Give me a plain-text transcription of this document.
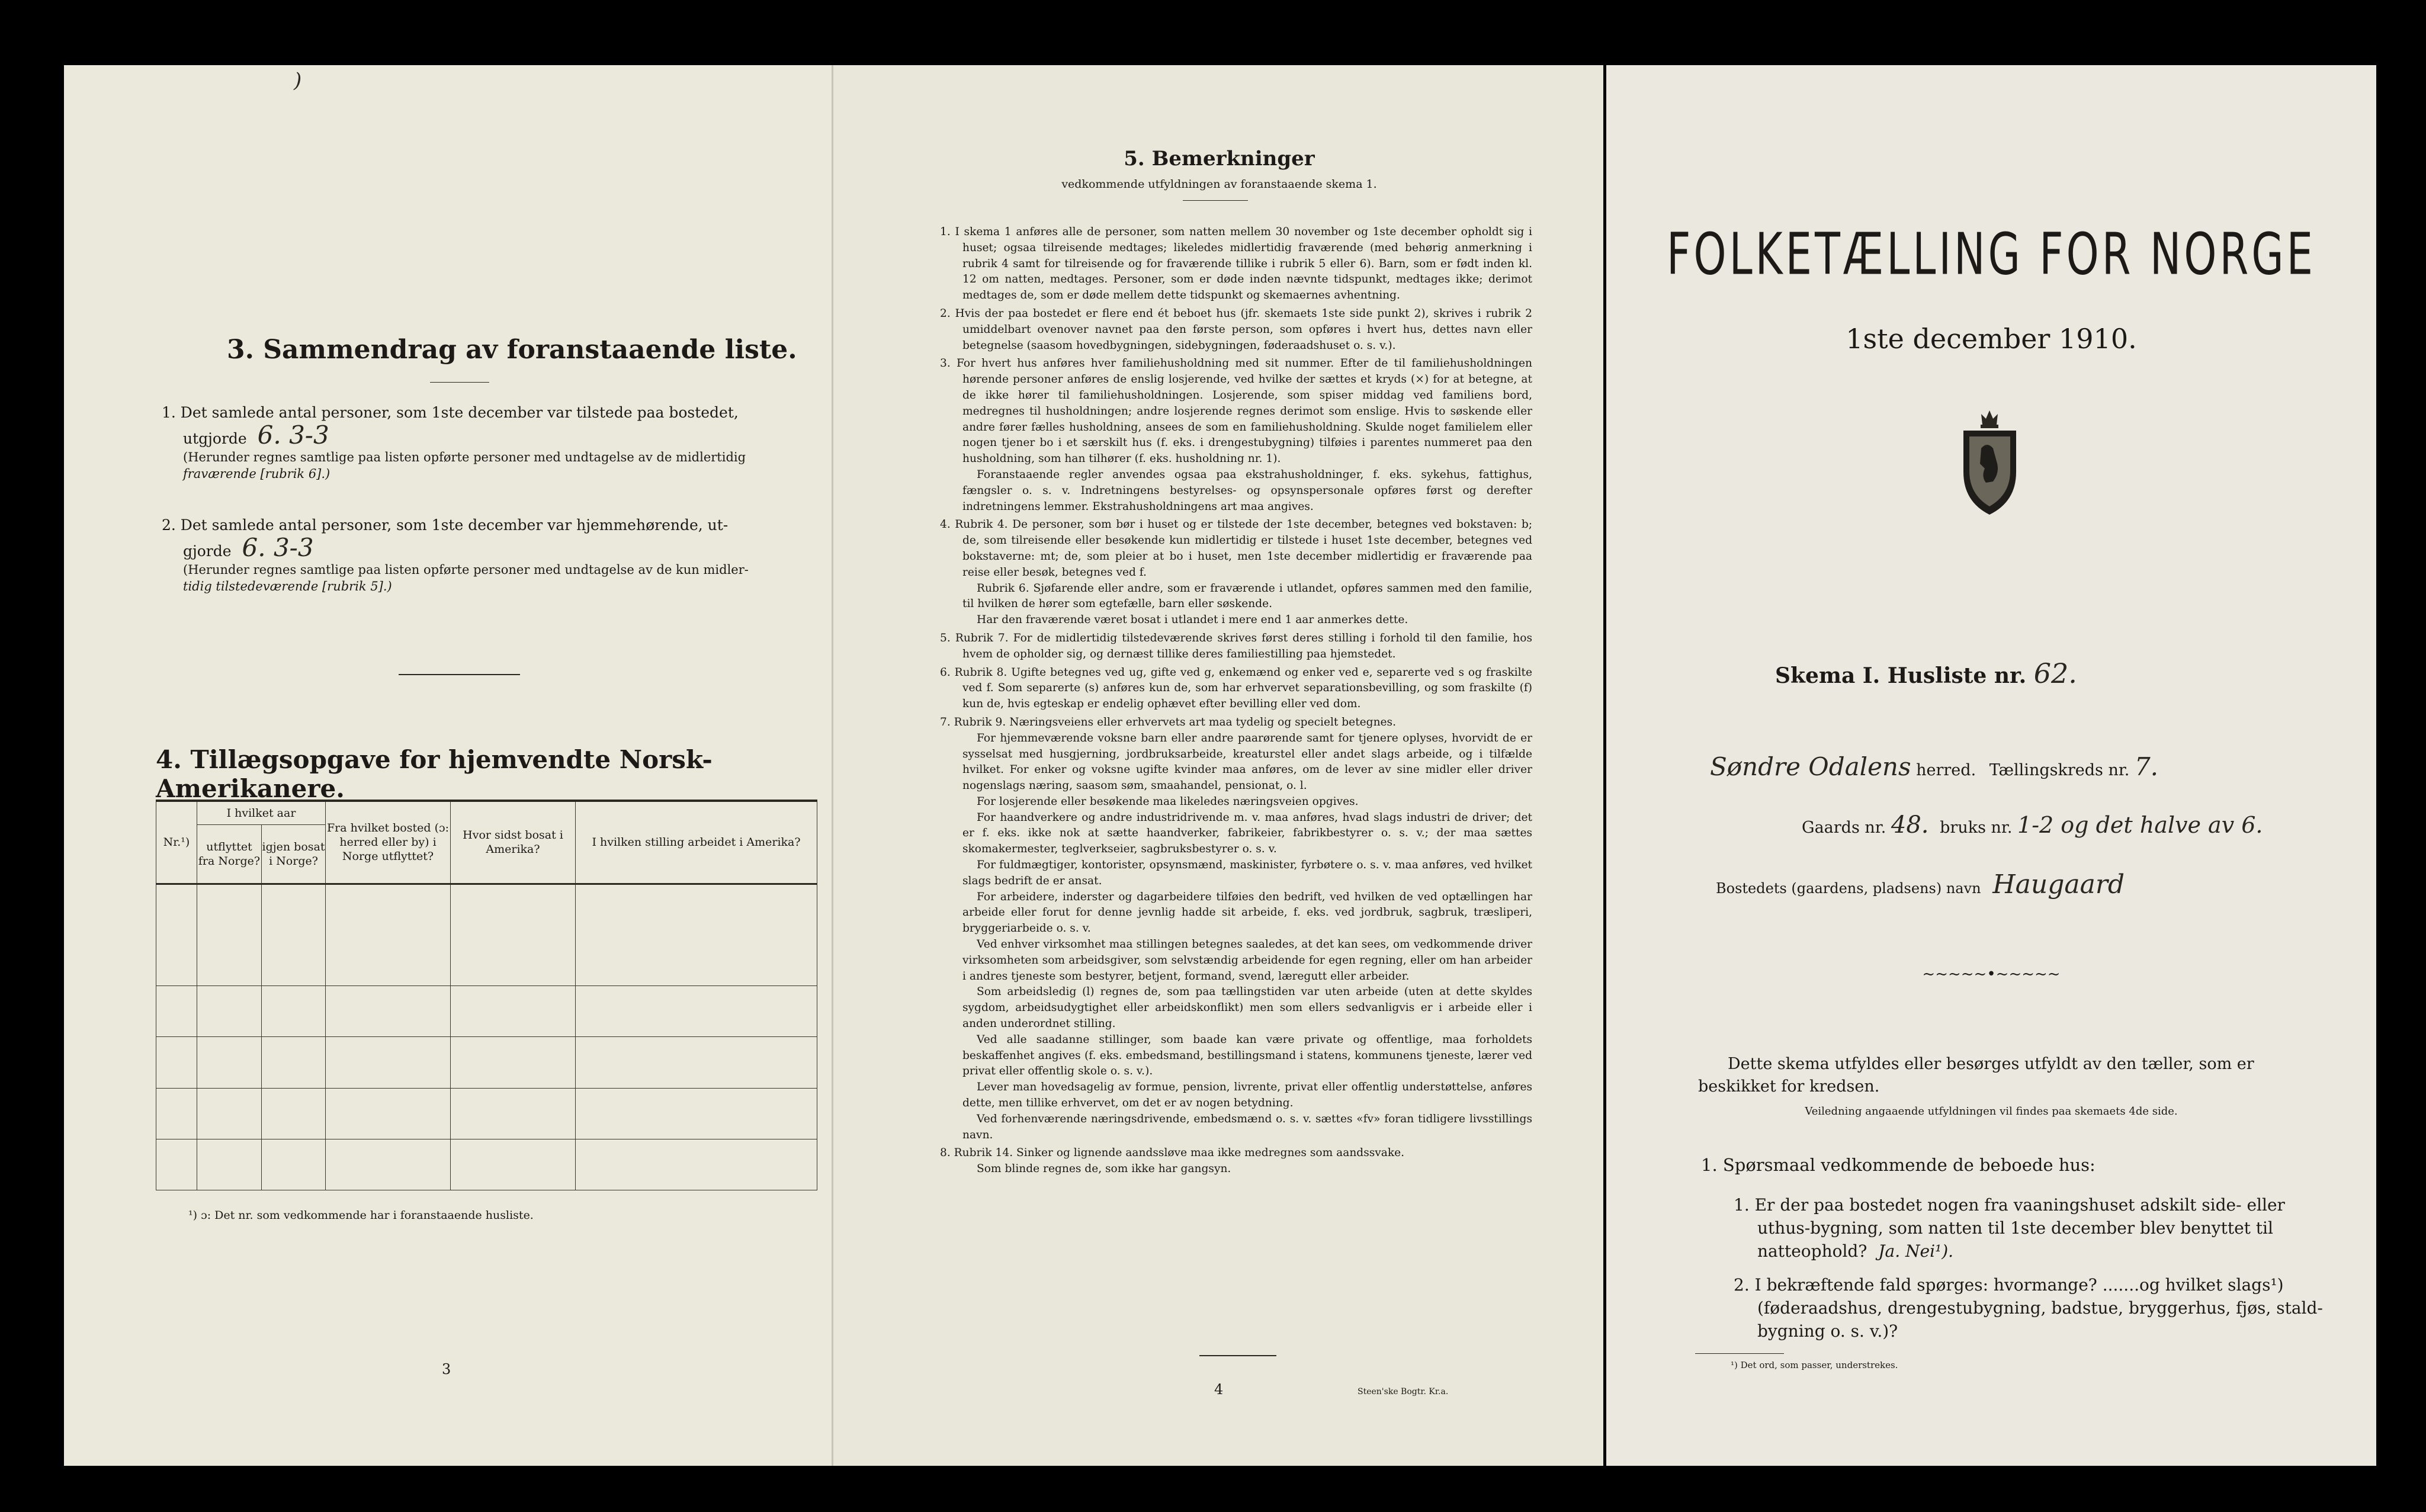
)
3. Sammendrag av foranstaaende liste.
1. Det samlede antal personer, som 1ste december var tilstede paa bostedet,
utgjorde 6. 3-3
(Herunder regnes samtlige paa listen opførte personer med undtagelse av de midlertidig
fraværende [rubrik 6].)
2. Det samlede antal personer, som 1ste december var hjemmehørende, ut-
gjorde 6. 3-3
(Herunder regnes samtlige paa listen opførte personer med undtagelse av de kun midler-
tidig tilstedeværende [rubrik 5].)
4. Tillægsopgave for hjemvendte Norsk-Amerikanere.
Nr.¹)	I hvilket aar		Fra hvilket bosted (ɔ: herred eller by) i Norge utflyttet?	Hvor sidst bosat i Amerika?	I hvilken stilling arbeidet i Amerika?
	utflyttet fra Norge?	igjen bosat i Norge?			

¹) ɔ: Det nr. som vedkommende har i foranstaaende husliste.
3
5. Bemerkninger
vedkommende utfyldningen av foranstaaende skema 1.

1. I skema 1 anføres alle de personer, som natten mellem 30 november og 1ste december opholdt sig i huset; ogsaa tilreisende medtages; likeledes midlertidig fraværende (med behørig anmerkning i rubrik 4 samt for tilreisende og for fraværende tillike i rubrik 5 eller 6). Barn, som er født inden kl. 12 om natten, medtages. Personer, som er døde inden nævnte tidspunkt, medtages ikke; derimot medtages de, som er døde mellem dette tidspunkt og skemaernes avhentning.

2. Hvis der paa bostedet er flere end ét beboet hus (jfr. skemaets 1ste side punkt 2), skrives i rubrik 2 umiddelbart ovenover navnet paa den første person, som opføres i hvert hus, dettes navn eller betegnelse (saasom hovedbygningen, sidebygningen, føderaadshuset o. s. v.).

3. For hvert hus anføres hver familiehusholdning med sit nummer. Efter de til familiehusholdningen hørende personer anføres de enslig losjerende, ved hvilke der sættes et kryds (×) for at betegne, at de ikke hører til familiehusholdningen. Losjerende, som spiser middag ved familiens bord, medregnes til husholdningen; andre losjerende regnes derimot som enslige. Hvis to søskende eller andre fører fælles husholdning, ansees de som en familiehusholdning. Skulde noget familielem eller nogen tjener bo i et særskilt hus (f. eks. i drengestubygning) tilføies i parentes nummeret paa den husholdning, som han tilhører (f. eks. husholdning nr. 1).

Foranstaaende regler anvendes ogsaa paa ekstrahusholdninger, f. eks. sykehus, fattighus, fængsler o. s. v. Indretningens bestyrelses- og opsynspersonale opføres først og derefter indretningens lemmer. Ekstrahusholdningens art maa angives.

4. Rubrik 4. De personer, som bør i huset og er tilstede der 1ste december, betegnes ved bokstaven: b; de, som tilreisende eller besøkende kun midlertidig er tilstede i huset 1ste december, betegnes ved bokstaverne: mt; de, som pleier at bo i huset, men 1ste december midlertidig er fraværende paa reise eller besøk, betegnes ved f.

Rubrik 6. Sjøfarende eller andre, som er fraværende i utlandet, opføres sammen med den familie, til hvilken de hører som egtefælle, barn eller søskende.

Har den fraværende været bosat i utlandet i mere end 1 aar anmerkes dette.

5. Rubrik 7. For de midlertidig tilstedeværende skrives først deres stilling i forhold til den familie, hos hvem de opholder sig, og dernæst tillike deres familiestilling paa hjemstedet.

6. Rubrik 8. Ugifte betegnes ved ug, gifte ved g, enkemænd og enker ved e, separerte ved s og fraskilte ved f. Som separerte (s) anføres kun de, som har erhvervet separationsbevilling, og som fraskilte (f) kun de, hvis egteskap er endelig ophævet efter bevilling eller ved dom.

7. Rubrik 9. Næringsveiens eller erhvervets art maa tydelig og specielt betegnes.

For hjemmeværende voksne barn eller andre paarørende samt for tjenere oplyses, hvorvidt de er sysselsat med husgjerning, jordbruksarbeide, kreaturstel eller andet slags arbeide, og i tilfælde hvilket. For enker og voksne ugifte kvinder maa anføres, om de lever av sine midler eller driver nogenslags næring, saasom søm, smaahandel, pensionat, o. l.

For losjerende eller besøkende maa likeledes næringsveien opgives.

For haandverkere og andre industridrivende m. v. maa anføres, hvad slags industri de driver; det er f. eks. ikke nok at sætte haandverker, fabrikeier, fabrikbestyrer o. s. v.; der maa sættes skomakermester, teglverkseier, sagbruksbestyrer o. s. v.

For fuldmægtiger, kontorister, opsynsmænd, maskinister, fyrbøtere o. s. v. maa anføres, ved hvilket slags bedrift de er ansat.

For arbeidere, inderster og dagarbeidere tilføies den bedrift, ved hvilken de ved optællingen har arbeide eller forut for denne jevnlig hadde sit arbeide, f. eks. ved jordbruk, sagbruk, træsliperi, bryggeriarbeide o. s. v.

Ved enhver virksomhet maa stillingen betegnes saaledes, at det kan sees, om vedkommende driver virksomheten som arbeidsgiver, som selvstændig arbeidende for egen regning, eller om han arbeider i andres tjeneste som bestyrer, betjent, formand, svend, læregutt eller arbeider.

Som arbeidsledig (l) regnes de, som paa tællingstiden var uten arbeide (uten at dette skyldes sygdom, arbeidsudygtighet eller arbeidskonflikt) men som ellers sedvanligvis er i arbeide eller i anden underordnet stilling.

Ved alle saadanne stillinger, som baade kan være private og offentlige, maa forholdets beskaffenhet angives (f. eks. embedsmand, bestillingsmand i statens, kommunens tjeneste, lærer ved privat eller offentlig skole o. s. v.).

Lever man hovedsagelig av formue, pension, livrente, privat eller offentlig understøttelse, anføres dette, men tillike erhvervet, om det er av nogen betydning.

Ved forhenværende næringsdrivende, embedsmænd o. s. v. sættes «fv» foran tidligere livsstillings navn.

8. Rubrik 14. Sinker og lignende aandssløve maa ikke medregnes som aandssvake.

Som blinde regnes de, som ikke har gangsyn.

4	Steen'ske Bogtr. Kr.a.
FOLKETÆLLING FOR NORGE
1ste december 1910.
Skema I. Husliste nr. 62.
Søndre Odalens herred. Tællingskreds nr. 7.
Gaards nr. 48. bruks nr. 1-2 og det halve av 6.
Bostedets (gaardens, pladsens) navn Haugaard
~~~~~•~~~~~
Dette skema utfyldes eller besørges utfyldt av den tæller, som er
beskikket for kredsen.
Veiledning angaaende utfyldningen vil findes paa skemaets 4de side.
1. Spørsmaal vedkommende de beboede hus:
1. Er der paa bostedet nogen fra vaaningshuset adskilt side- eller
uthus-bygning, som natten til 1ste december blev benyttet til
natteophold? Ja. Nei¹).
2. I bekræftende fald spørges: hvormange? .......og hvilket slags¹)
(føderaadshus, drengestubygning, badstue, bryggerhus, fjøs, stald-
bygning o. s. v.)?
¹) Det ord, som passer, understrekes.
